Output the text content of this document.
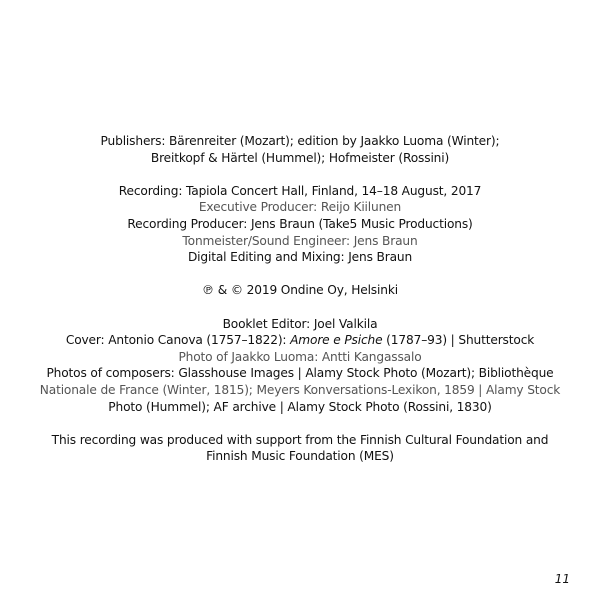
Publishers: Bärenreiter (Mozart); edition by Jaakko Luoma (Winter);
Breitkopf & Härtel (Hummel); Hofmeister (Rossini)
Recording: Tapiola Concert Hall, Finland, 14–18 August, 2017
Executive Producer: Reijo Kiilunen
Recording Producer: Jens Braun (Take5 Music Productions)
Tonmeister/Sound Engineer: Jens Braun
Digital Editing and Mixing: Jens Braun
℗ & © 2019 Ondine Oy, Helsinki
Booklet Editor: Joel Valkila
Cover: Antonio Canova (1757–1822): Amore e Psiche (1787–93) | Shutterstock
Photo of Jaakko Luoma: Antti Kangassalo
Photos of composers: Glasshouse Images | Alamy Stock Photo (Mozart); Bibliothèque
Nationale de France (Winter, 1815); Meyers Konversations-Lexikon, 1859 | Alamy Stock
Photo (Hummel); AF archive | Alamy Stock Photo (Rossini, 1830)
This recording was produced with support from the Finnish Cultural Foundation and
Finnish Music Foundation (MES)
11
